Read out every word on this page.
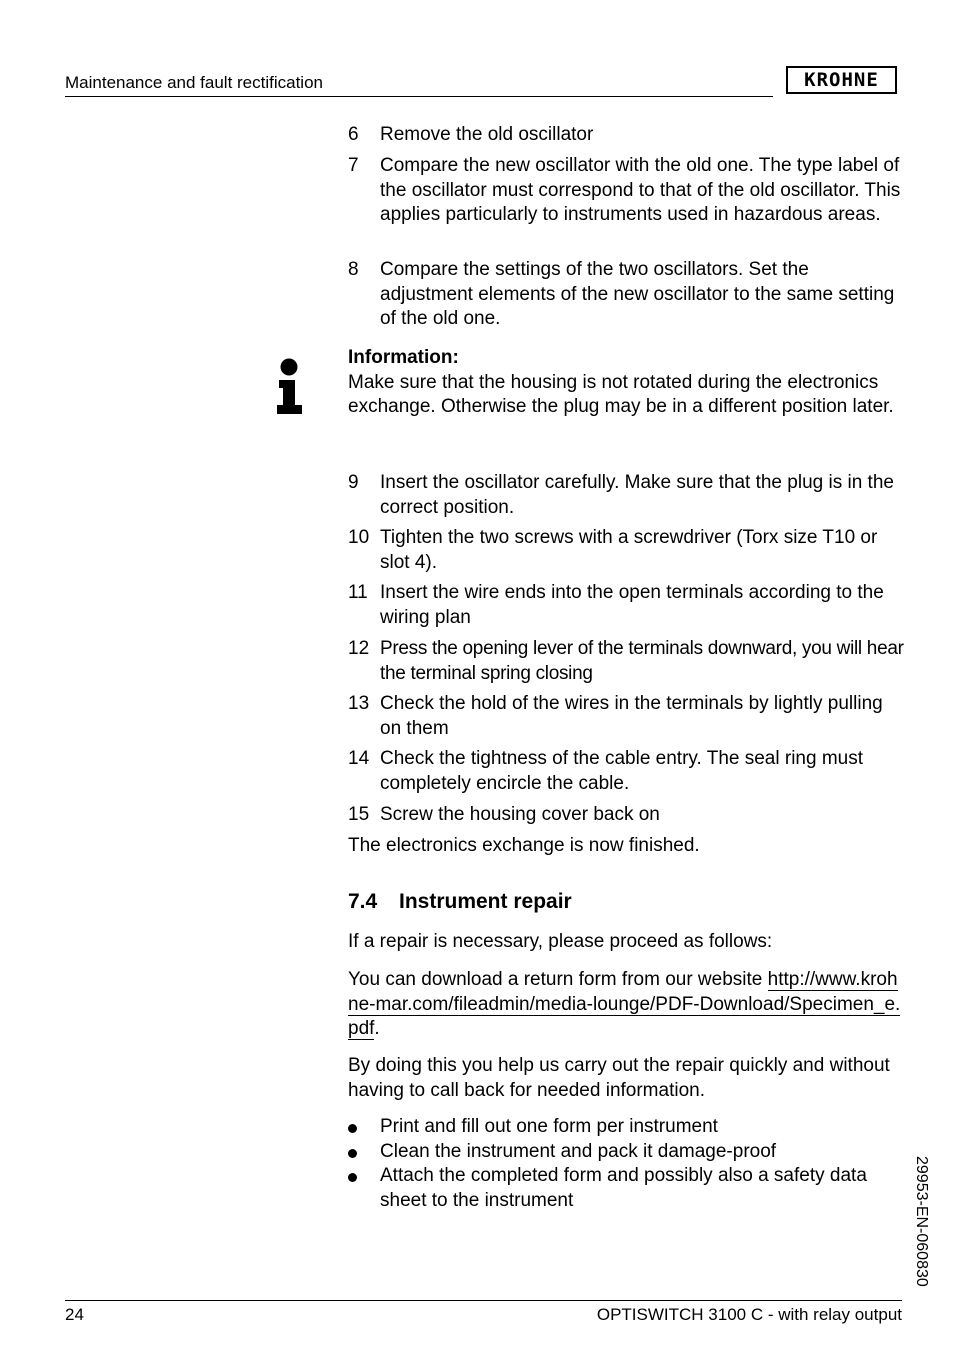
Maintenance and fault rectification	KROHNE
6 Remove the old oscillator
7 Compare the new oscillator with the old one. The type label of the oscillator must correspond to that of the old oscillator. This applies particularly to instruments used in hazardous areas.
8 Compare the settings of the two oscillators. Set the adjustment elements of the new oscillator to the same setting of the old one.
Information:
Make sure that the housing is not rotated during the electronics exchange. Otherwise the plug may be in a different position later.
9 Insert the oscillator carefully. Make sure that the plug is in the correct position.
10 Tighten the two screws with a screwdriver (Torx size T10 or slot 4).
11 Insert the wire ends into the open terminals according to the wiring plan
12 Press the opening lever of the terminals downward, you will hear the terminal spring closing
13 Check the hold of the wires in the terminals by lightly pulling on them
14 Check the tightness of the cable entry. The seal ring must completely encircle the cable.
15 Screw the housing cover back on
The electronics exchange is now finished.
7.4 Instrument repair
If a repair is necessary, please proceed as follows:
You can download a return form from our website http://www.krohne-mar.com/fileadmin/media-lounge/PDF-Download/Specimen_e.pdf.
By doing this you help us carry out the repair quickly and without having to call back for needed information.
Print and fill out one form per instrument
Clean the instrument and pack it damage-proof
Attach the completed form and possibly also a safety data sheet to the instrument	29953-EN-060830
24	OPTISWITCH 3100 C - with relay output
